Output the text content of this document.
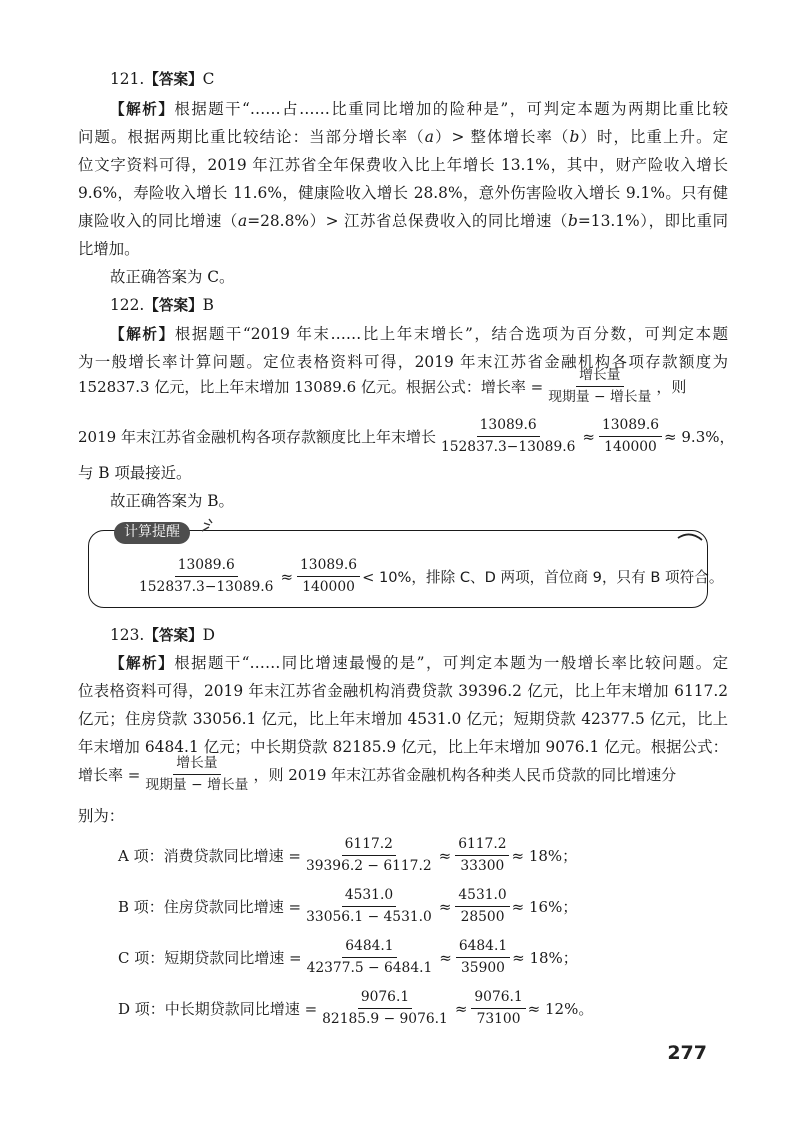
121.【答案】C
【解析】根据题干“……占……比重同比增加的险种是”，可判定本题为两期比重比较
问题。根据两期比重比较结论：当部分增长率（a）> 整体增长率（b）时，比重上升。定
位文字资料可得，2019 年江苏省全年保费收入比上年增长 13.1%，其中，财产险收入增长
9.6%，寿险收入增长 11.6%，健康险收入增长 28.8%，意外伤害险收入增长 9.1%。只有健
康险收入的同比增速（a=28.8%）> 江苏省总保费收入的同比增速（b=13.1%），即比重同
比增加。
故正确答案为 C。
122.【答案】B
【解析】根据题干“2019 年末……比上年末增长”，结合选项为百分数，可判定本题
为一般增长率计算问题。定位表格资料可得，2019 年末江苏省金融机构各项存款额度为
152837.3 亿元，比上年末增加 13089.6 亿元。根据公式：增长率 = $\frac{\text{增长量}}{\text{现期量 − 增长量}}$ ，则
2019 年末江苏省金融机构各项存款额度比上年末增长 $\frac{13089.6}{152837.3-13089.6} \approx \frac{13089.6}{140000} \approx 9.3\%$，
与 B 项最接近。
故正确答案为 B。
计算提醒
$\frac{13089.6}{152837.3-13089.6} \approx \frac{13089.6}{140000} < 10\%$，排除 C、D 两项，首位商 9，只有 B 项符合。
123.【答案】D
【解析】根据题干“……同比增速最慢的是”，可判定本题为一般增长率比较问题。定
位表格资料可得，2019 年末江苏省金融机构消费贷款 39396.2 亿元，比上年末增加 6117.2
亿元；住房贷款 33056.1 亿元，比上年末增加 4531.0 亿元；短期贷款 42377.5 亿元，比上
年末增加 6484.1 亿元；中长期贷款 82185.9 亿元，比上年末增加 9076.1 亿元。根据公式：
增长率 = $\frac{\text{增长量}}{\text{现期量 − 增长量}}$ ，则 2019 年末江苏省金融机构各种类人民币贷款的同比增速分
别为：
A 项：消费贷款同比增速 = $\frac{6117.2}{39396.2 - 6117.2} \approx \frac{6117.2}{33300} \approx 18\%$；
B 项：住房贷款同比增速 = $\frac{4531.0}{33056.1 - 4531.0} \approx \frac{4531.0}{28500} \approx 16\%$；
C 项：短期贷款同比增速 = $\frac{6484.1}{42377.5 - 6484.1} \approx \frac{6484.1}{35900} \approx 18\%$；
D 项：中长期贷款同比增速 = $\frac{9076.1}{82185.9 - 9076.1} \approx \frac{9076.1}{73100} \approx 12\%$。
277
